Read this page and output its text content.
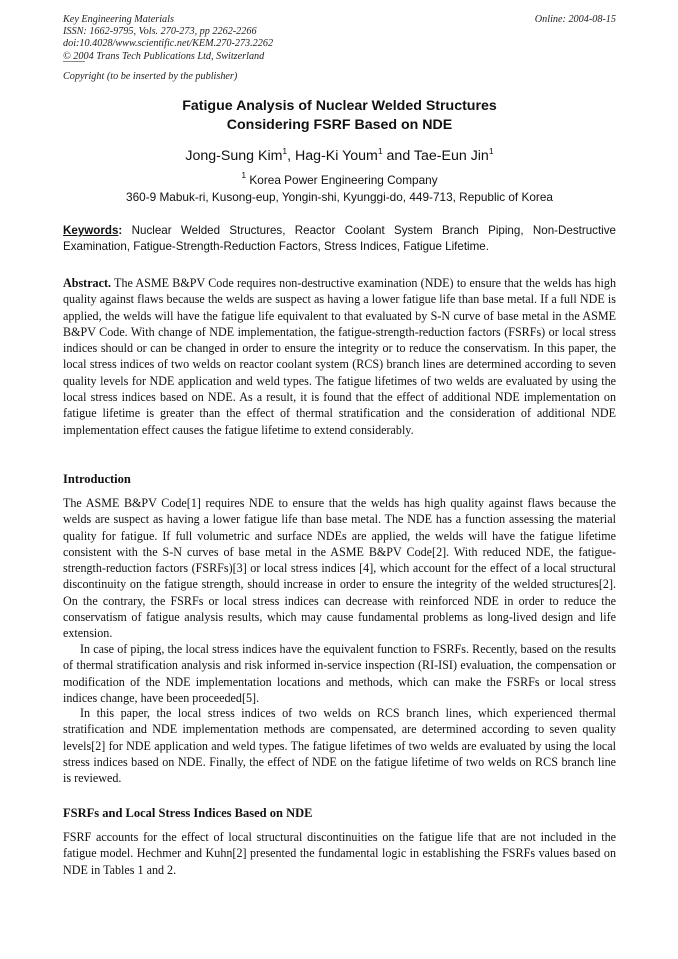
Key Engineering Materials
ISSN: 1662-9795, Vols. 270-273, pp 2262-2266
doi:10.4028/www.scientific.net/KEM.270-273.2262
© 2004 Trans Tech Publications Ltd, Switzerland
Online: 2004-08-15
Copyright (to be inserted by the publisher)
Fatigue Analysis of Nuclear Welded Structures
Considering FSRF Based on NDE
Jong-Sung Kim$^1$, Hag-Ki Youm$^1$ and Tae-Eun Jin$^1$
$^1$ Korea Power Engineering Company
360-9 Mabuk-ri, Kusong-eup, Yongin-shi, Kyunggi-do, 449-713, Republic of Korea
Keywords: Nuclear Welded Structures, Reactor Coolant System Branch Piping, Non-Destructive Examination, Fatigue-Strength-Reduction Factors, Stress Indices, Fatigue Lifetime.
Abstract. The ASME B&PV Code requires non-destructive examination (NDE) to ensure that the welds has high quality against flaws because the welds are suspect as having a lower fatigue life than base metal. If a full NDE is applied, the welds will have the fatigue life equivalent to that evaluated by S-N curve of base metal in the ASME B&PV Code. With change of NDE implementation, the fatigue-strength-reduction factors (FSRFs) or local stress indices should or can be changed in order to ensure the integrity or to reduce the conservatism. In this paper, the local stress indices of two welds on reactor coolant system (RCS) branch lines are determined according to seven quality levels for NDE application and weld types. The fatigue lifetimes of two welds are evaluated by using the local stress indices based on NDE. As a result, it is found that the effect of additional NDE implementation on fatigue lifetime is greater than the effect of thermal stratification and the consideration of additional NDE implementation effect causes the fatigue lifetime to extend considerably.
Introduction

The ASME B&PV Code[1] requires NDE to ensure that the welds has high quality against flaws because the welds are suspect as having a lower fatigue life than base metal. The NDE has a function assessing the material quality for fatigue. If full volumetric and surface NDEs are applied, the welds will have the fatigue lifetime consistent with the S-N curves of base metal in the ASME B&PV Code[2]. With reduced NDE, the fatigue-strength-reduction factors (FSRFs)[3] or local stress indices [4], which account for the effect of a local structural discontinuity on the fatigue strength, should increase in order to ensure the integrity of the welded structures[2]. On the contrary, the FSRFs or local stress indices can decrease with reinforced NDE in order to reduce the conservatism of fatigue analysis results, which may cause fundamental problems as long-lived design and life extension.

In case of piping, the local stress indices have the equivalent function to FSRFs. Recently, based on the results of thermal stratification analysis and risk informed in-service inspection (RI-ISI) evaluation, the compensation or modification of the NDE implementation locations and methods, which can make the FSRFs or local stress indices change, have been proceeded[5].

In this paper, the local stress indices of two welds on RCS branch lines, which experienced thermal stratification and NDE implementation methods are compensated, are determined according to seven quality levels[2] for NDE application and weld types. The fatigue lifetimes of two welds are evaluated by using the local stress indices based on NDE. Finally, the effect of NDE on the fatigue lifetime of two welds on RCS branch line is reviewed.

FSRFs and Local Stress Indices Based on NDE

FSRF accounts for the effect of local structural discontinuities on the fatigue life that are not included in the fatigue model. Hechmer and Kuhn[2] presented the fundamental logic in establishing the FSRFs values based on NDE in Tables 1 and 2.
